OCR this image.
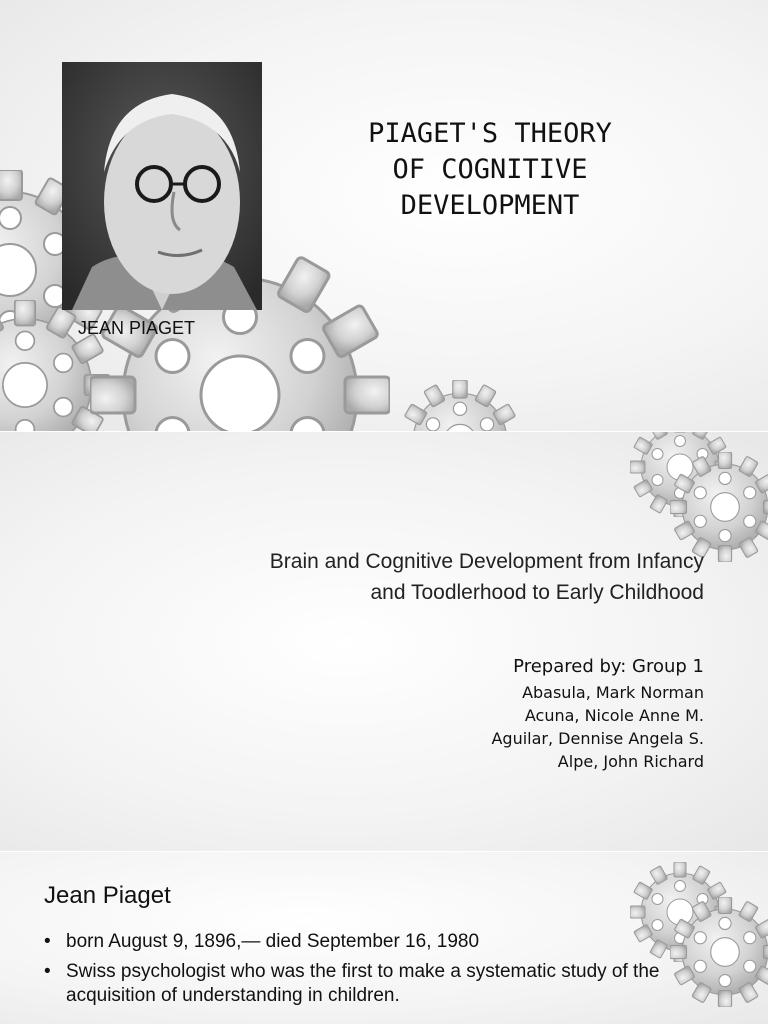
JEAN PIAGET
PIAGET'S THEORY
OF COGNITIVE
DEVELOPMENT
Brain and Cognitive Development from Infancy
and Toodlerhood to Early Childhood
Prepared by: Group 1
Abasula, Mark Norman
Acuna, Nicole Anne M.
Aguilar, Dennise Angela S.
Alpe, John Richard
Jean Piaget
• born August 9, 1896,— died September 16, 1980
• Swiss psychologist who was the first to make a systematic study of the acquisition of understanding in children.
